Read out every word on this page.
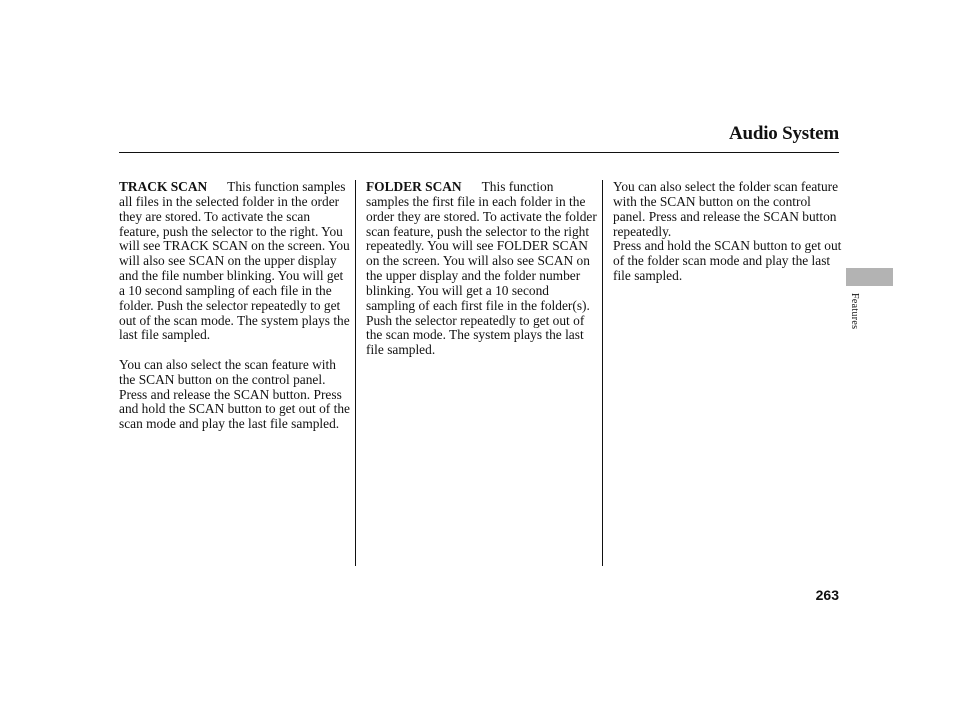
Audio System

TRACK SCAN This function samples all files in the selected folder in the order they are stored. To activate the scan feature, push the selector to the right. You will see TRACK SCAN on the screen. You will also see SCAN on the upper display and the file number blinking. You will get a 10 second sampling of each file in the folder. Push the selector repeatedly to get out of the scan mode. The system plays the last file sampled.

You can also select the scan feature with the SCAN button on the control panel.

Press and release the SCAN button. Press and hold the SCAN button to get out of the scan mode and play the last file sampled.

FOLDER SCAN This function samples the first file in each folder in the order they are stored. To activate the folder scan feature, push the selector to the right repeatedly. You will see FOLDER SCAN on the screen. You will also see SCAN on the upper display and the folder number blinking. You will get a 10 second sampling of each first file in the folder(s). Push the selector repeatedly to get out of the scan mode. The system plays the last file sampled.

You can also select the folder scan feature with the SCAN button on the control panel. Press and release the SCAN button repeatedly.

Press and hold the SCAN button to get out of the folder scan mode and play the last file sampled.

Features
263
